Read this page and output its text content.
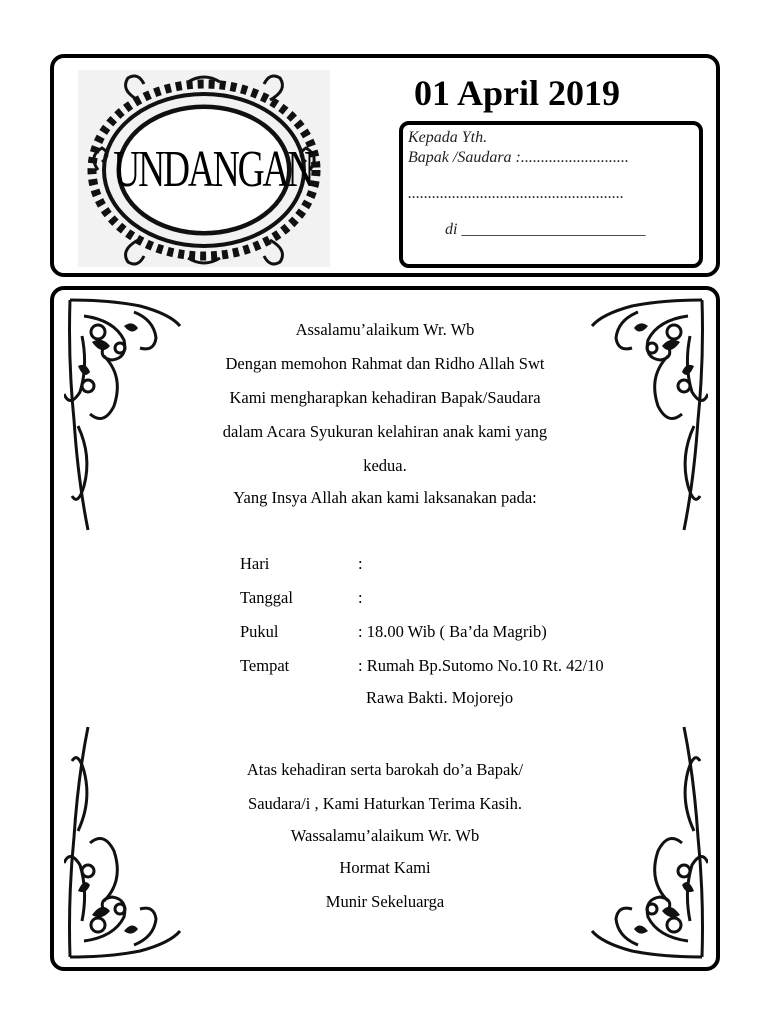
UNDANGAN
01 April 2019
Kepada Yth.
Bapak /Saudara :...........................
......................................................
di _______________________
Assalamu’alaikum Wr. Wb
Dengan memohon Rahmat dan Ridho Allah Swt
Kami mengharapkan kehadiran Bapak/Saudara
dalam Acara Syukuran kelahiran anak kami yang
kedua.
Yang Insya Allah akan kami laksanakan pada:
Hari	:
Tanggal	:
Pukul	: 18.00 Wib ( Ba’da Magrib)
Tempat	: Rumah Bp.Sutomo No.10 Rt. 42/10
Rawa Bakti. Mojorejo
Atas kehadiran serta barokah do’a Bapak/
Saudara/i , Kami Haturkan Terima Kasih.
Wassalamu’alaikum Wr. Wb
Hormat Kami
Munir Sekeluarga
